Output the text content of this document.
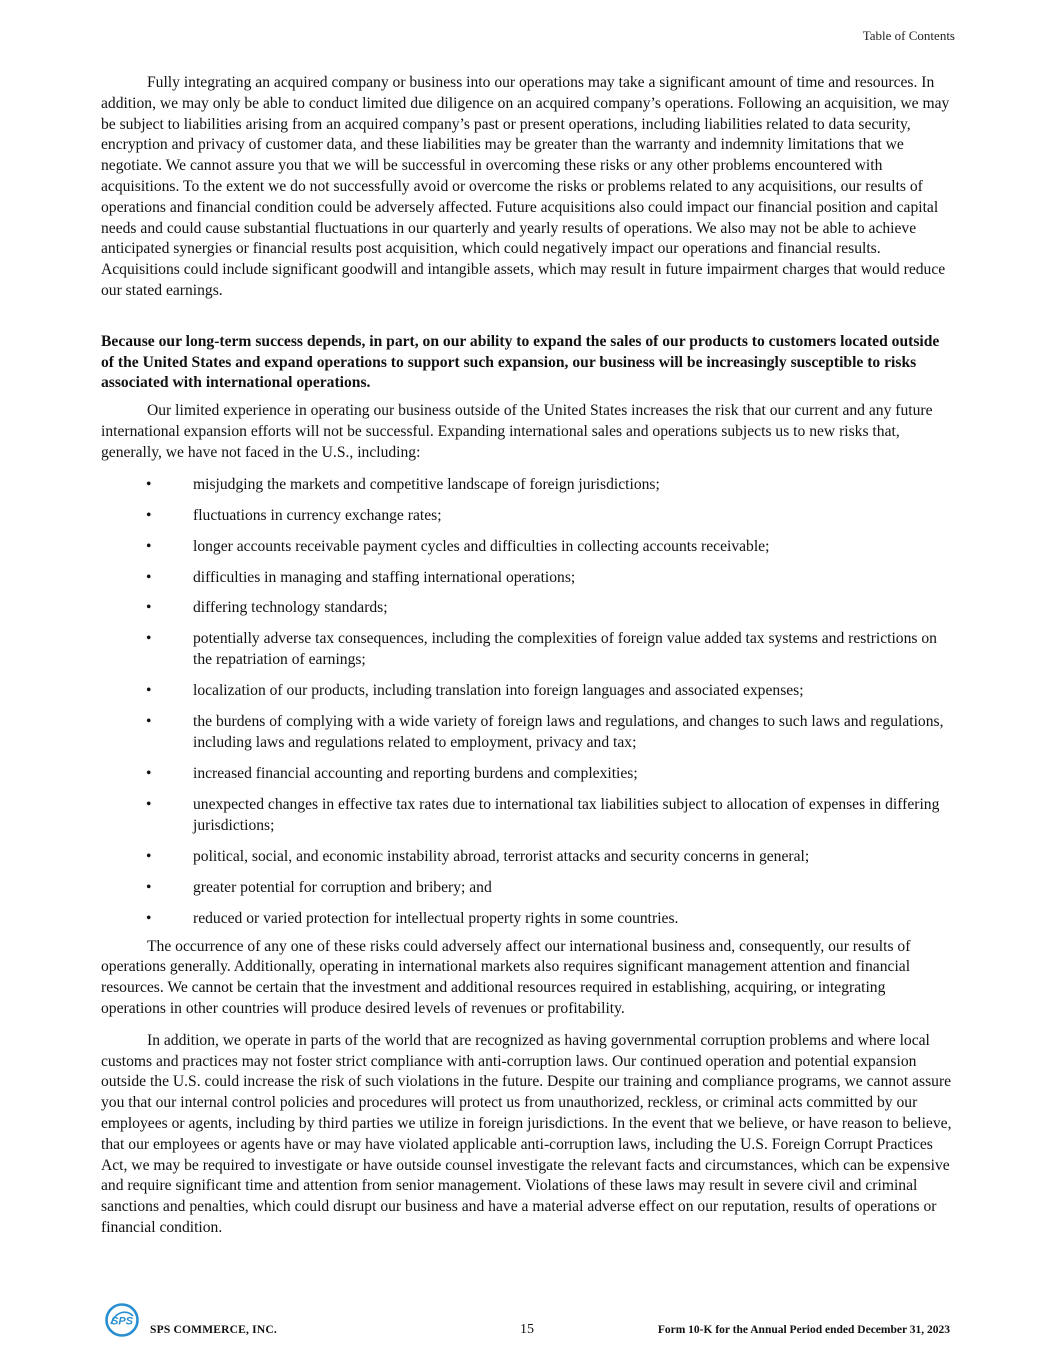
Table of Contents

Fully integrating an acquired company or business into our operations may take a significant amount of time and resources. In addition, we may only be able to conduct limited due diligence on an acquired company’s operations. Following an acquisition, we may be subject to liabilities arising from an acquired company’s past or present operations, including liabilities related to data security, encryption and privacy of customer data, and these liabilities may be greater than the warranty and indemnity limitations that we negotiate. We cannot assure you that we will be successful in overcoming these risks or any other problems encountered with acquisitions. To the extent we do not successfully avoid or overcome the risks or problems related to any acquisitions, our results of operations and financial condition could be adversely affected. Future acquisitions also could impact our financial position and capital needs and could cause substantial fluctuations in our quarterly and yearly results of operations. We also may not be able to achieve anticipated synergies or financial results post acquisition, which could negatively impact our operations and financial results. Acquisitions could include significant goodwill and intangible assets, which may result in future impairment charges that would reduce our stated earnings.

Because our long-term success depends, in part, on our ability to expand the sales of our products to customers located outside of the United States and expand operations to support such expansion, our business will be increasingly susceptible to risks associated with international operations.

Our limited experience in operating our business outside of the United States increases the risk that our current and any future international expansion efforts will not be successful. Expanding international sales and operations subjects us to new risks that, generally, we have not faced in the U.S., including:

•	misjudging the markets and competitive landscape of foreign jurisdictions;
•	fluctuations in currency exchange rates;
•	longer accounts receivable payment cycles and difficulties in collecting accounts receivable;
•	difficulties in managing and staffing international operations;
•	differing technology standards;
•	potentially adverse tax consequences, including the complexities of foreign value added tax systems and restrictions on the repatriation of earnings;
•	localization of our products, including translation into foreign languages and associated expenses;
•	the burdens of complying with a wide variety of foreign laws and regulations, and changes to such laws and regulations, including laws and regulations related to employment, privacy and tax;
•	increased financial accounting and reporting burdens and complexities;
•	unexpected changes in effective tax rates due to international tax liabilities subject to allocation of expenses in differing jurisdictions;
•	political, social, and economic instability abroad, terrorist attacks and security concerns in general;
•	greater potential for corruption and bribery; and
•	reduced or varied protection for intellectual property rights in some countries.

The occurrence of any one of these risks could adversely affect our international business and, consequently, our results of operations generally. Additionally, operating in international markets also requires significant management attention and financial resources. We cannot be certain that the investment and additional resources required in establishing, acquiring, or integrating operations in other countries will produce desired levels of revenues or profitability.

In addition, we operate in parts of the world that are recognized as having governmental corruption problems and where local customs and practices may not foster strict compliance with anti-corruption laws. Our continued operation and potential expansion outside the U.S. could increase the risk of such violations in the future. Despite our training and compliance programs, we cannot assure you that our internal control policies and procedures will protect us from unauthorized, reckless, or criminal acts committed by our employees or agents, including by third parties we utilize in foreign jurisdictions. In the event that we believe, or have reason to believe, that our employees or agents have or may have violated applicable anti-corruption laws, including the U.S. Foreign Corrupt Practices Act, we may be required to investigate or have outside counsel investigate the relevant facts and circumstances, which can be expensive and require significant time and attention from senior management. Violations of these laws may result in severe civil and criminal sanctions and penalties, which could disrupt our business and have a material adverse effect on our reputation, results of operations or financial condition.

SPS
SPS COMMERCE, INC.	15	Form 10-K for the Annual Period ended December 31, 2023
